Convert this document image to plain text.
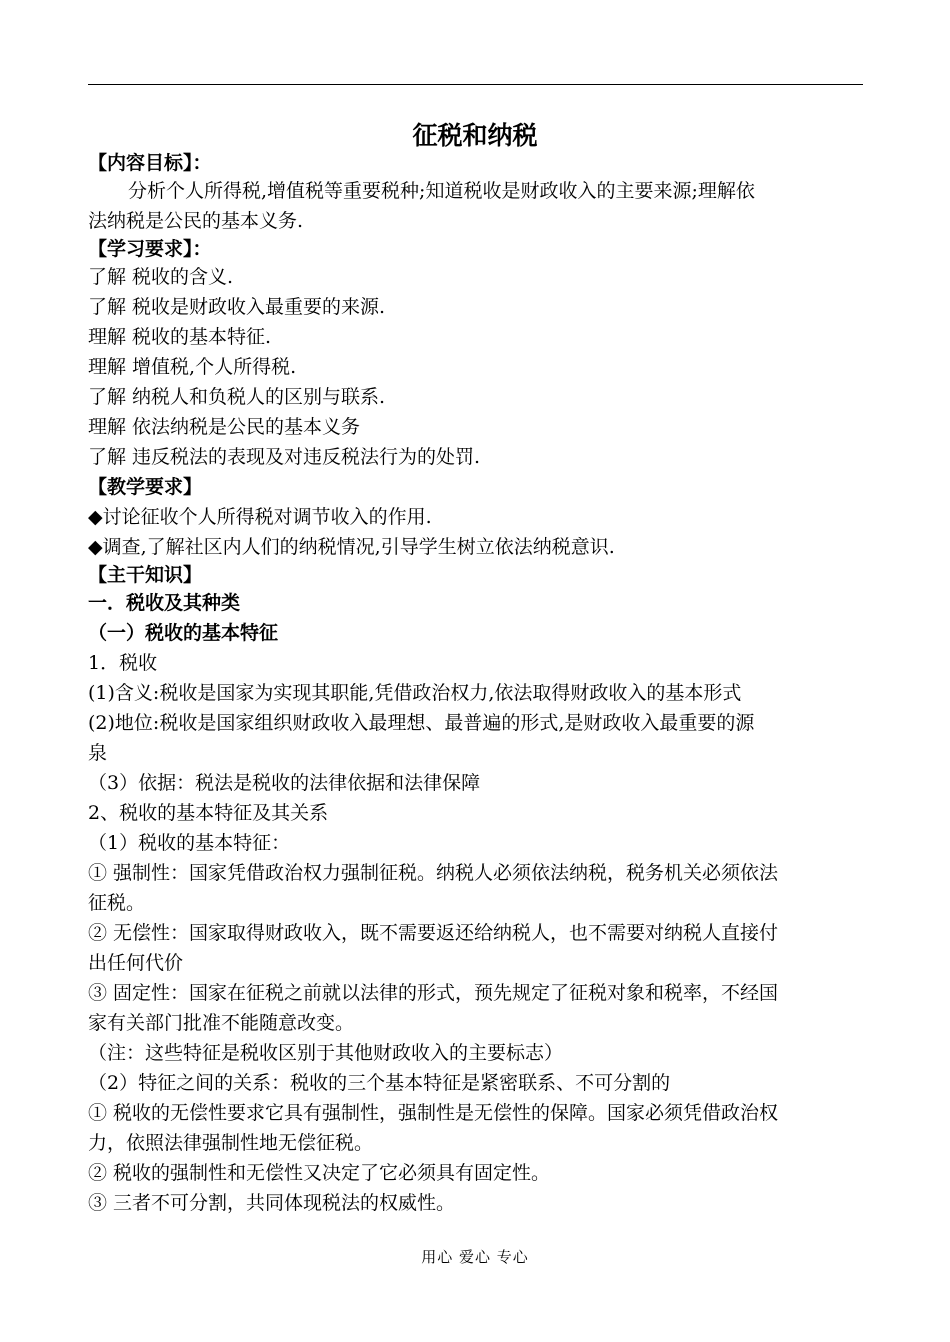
征税和纳税
【内容目标】：
分析个人所得税,增值税等重要税种;知道税收是财政收入的主要来源;理解依
法纳税是公民的基本义务.
【学习要求】：
了解 税收的含义.
了解 税收是财政收入最重要的来源.
理解 税收的基本特征.
理解 增值税,个人所得税.
了解 纳税人和负税人的区别与联系.
理解 依法纳税是公民的基本义务
了解 违反税法的表现及对违反税法行为的处罚.
【教学要求】
◆讨论征收个人所得税对调节收入的作用.
◆调查,了解社区内人们的纳税情况,引导学生树立依法纳税意识.
【主干知识】
一．税收及其种类
（一）税收的基本特征
1．税收
(1)含义:税收是国家为实现其职能,凭借政治权力,依法取得财政收入的基本形式
(2)地位:税收是国家组织财政收入最理想、最普遍的形式,是财政收入最重要的源
泉
（3）依据：税法是税收的法律依据和法律保障
2、税收的基本特征及其关系
（1）税收的基本特征：
① 强制性：国家凭借政治权力强制征税。纳税人必须依法纳税，税务机关必须依法
征税。
② 无偿性：国家取得财政收入，既不需要返还给纳税人，也不需要对纳税人直接付
出任何代价
③ 固定性：国家在征税之前就以法律的形式，预先规定了征税对象和税率，不经国
家有关部门批准不能随意改变。
（注：这些特征是税收区别于其他财政收入的主要标志）
（2）特征之间的关系：税收的三个基本特征是紧密联系、不可分割的
① 税收的无偿性要求它具有强制性，强制性是无偿性的保障。国家必须凭借政治权
力，依照法律强制性地无偿征税。
② 税收的强制性和无偿性又决定了它必须具有固定性。
③ 三者不可分割，共同体现税法的权威性。
用心 爱心 专心
